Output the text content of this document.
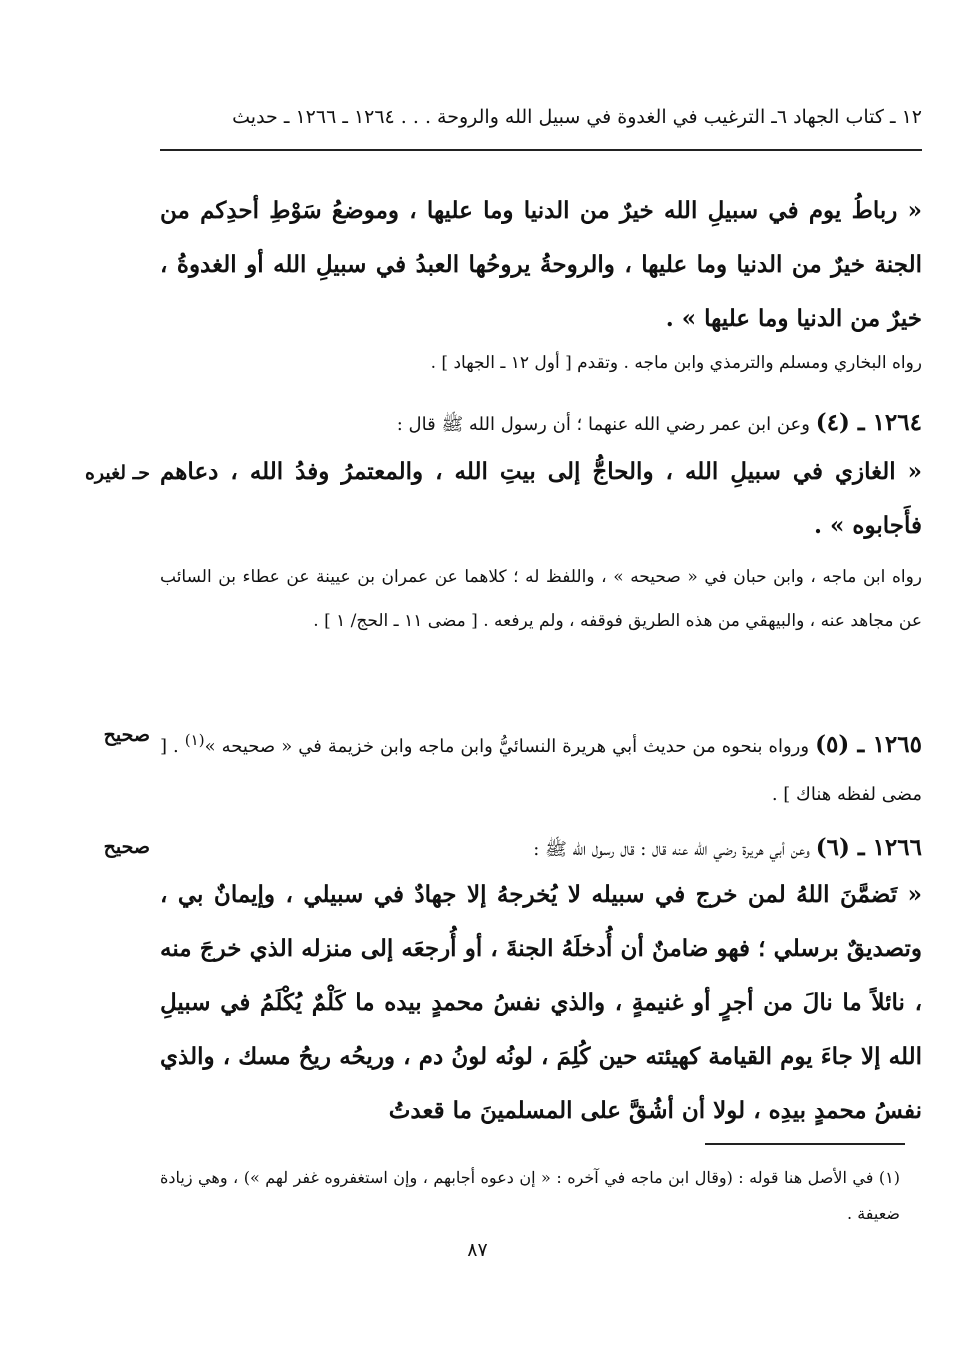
١٢ ـ كتاب الجهاد ٦ـ الترغيب في الغدوة في سبيل الله والروحة . . . ١٢٦٤ ـ ١٢٦٦ ـ حديث
« رباطُ يوم في سبيلِ الله خيرٌ من الدنيا وما عليها ، وموضعُ سَوْطِ أحدِكم من الجنة خيرٌ من الدنيا وما عليها ، والروحةُ يروحُها العبدُ في سبيلِ الله أو الغدوةُ ، خيرٌ من الدنيا وما عليها » .
رواه البخاري ومسلم والترمذي وابن ماجه . وتقدم [ أول ١٢ ـ الجهاد ] .
١٢٦٤ ـ (٤) وعن ابن عمر رضي الله عنهما ؛ أن رسول الله ﷺ قال :
حـ لغيره « الغازي في سبيلِ الله ، والحاجُّ إلى بيتِ الله ، والمعتمرُ وفدُ الله ، دعاهم فأَجابوه » .
رواه ابن ماجه ، وابن حبان في « صحيحه » ، واللفظ له ؛ كلاهما عن عمران بن عيينة عن عطاء بن السائب عن مجاهد عنه ، والبيهقي من هذه الطريق فوقفه ، ولم يرفعه . [ مضى ١١ ـ الحج/ ١ ] .
صحيح	١٢٦٥ ـ (٥) ورواه بنحوه من حديث أبي هريرة النسائيُّ وابن ماجه وابن خزيمة في « صحيحه »$^{(١)}$ . [ مضى لفظه هناك ] .
صحيح	١٢٦٦ ـ (٦) وعن أبي هريرة رضي الله عنه قال : قال رسول الله ﷺ :
« تَضمَّنَ اللهُ لمن خرج في سبيله لا يُخرجهُ إلا جهادٌ في سبيلي ، وإيمانٌ بي ، وتصديقٌ برسلي ؛ فهو ضامنٌ أن أُدخلَهُ الجنةَ ، أو أُرجعَه إلى منزله الذي خرجَ منه ، نائلاً ما نالَ من أجرٍ أو غنيمةٍ ، والذي نفسُ محمدٍ بيده ما كَلْمٌ يُكْلَمُ في سبيلِ الله إلا جاءَ يوم القيامة كهيئته حين كُلِمَ ، لونُه لونُ دم ، وريحُه ريحُ مسك ، والذي نفسُ محمدٍ بيدِه ، لولا أن أشُقَّ على المسلمينَ ما قعدتُ
(١) في الأصل هنا قوله : (وقال ابن ماجه في آخره : « إن دعوه أجابهم ، وإن استغفروه غفر لهم ») ، وهي زيادة ضعيفة .
٨٧
